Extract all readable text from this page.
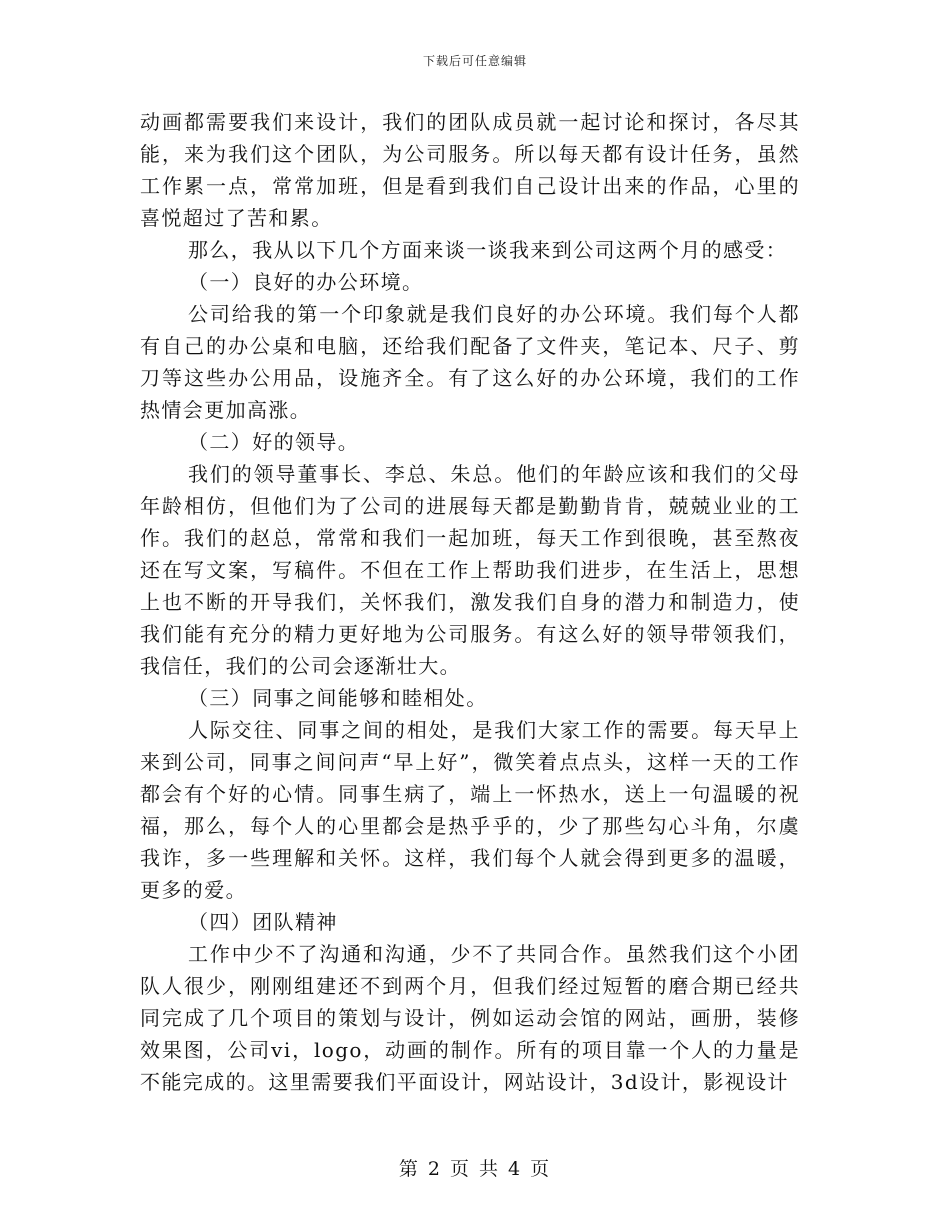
下载后可任意编辑

动画都需要我们来设计，我们的团队成员就一起讨论和探讨，各尽其能，来为我们这个团队，为公司服务。所以每天都有设计任务，虽然工作累一点，常常加班，但是看到我们自己设计出来的作品，心里的喜悦超过了苦和累。

那么，我从以下几个方面来谈一谈我来到公司这两个月的感受：

（一）良好的办公环境。

公司给我的第一个印象就是我们良好的办公环境。我们每个人都有自己的办公桌和电脑，还给我们配备了文件夹，笔记本、尺子、剪刀等这些办公用品，设施齐全。有了这么好的办公环境，我们的工作热情会更加高涨。

（二）好的领导。

我们的领导董事长、李总、朱总。他们的年龄应该和我们的父母年龄相仿，但他们为了公司的进展每天都是勤勤肯肯，兢兢业业的工作。我们的赵总，常常和我们一起加班，每天工作到很晚，甚至熬夜还在写文案，写稿件。不但在工作上帮助我们进步，在生活上，思想上也不断的开导我们，关怀我们，激发我们自身的潜力和制造力，使我们能有充分的精力更好地为公司服务。有这么好的领导带领我们，我信任，我们的公司会逐渐壮大。

（三）同事之间能够和睦相处。

人际交往、同事之间的相处，是我们大家工作的需要。每天早上来到公司，同事之间问声“早上好”，微笑着点点头，这样一天的工作都会有个好的心情。同事生病了，端上一怀热水，送上一句温暖的祝福，那么，每个人的心里都会是热乎乎的，少了那些勾心斗角，尔虞我诈，多一些理解和关怀。这样，我们每个人就会得到更多的温暖，更多的爱。

（四）团队精神

工作中少不了沟通和沟通，少不了共同合作。虽然我们这个小团队人很少，刚刚组建还不到两个月，但我们经过短暂的磨合期已经共同完成了几个项目的策划与设计，例如运动会馆的网站，画册，装修效果图，公司vi，logo，动画的制作。所有的项目靠一个人的力量是不能完成的。这里需要我们平面设计，网站设计，3d设计，影视设计

第 2 页 共 4 页
